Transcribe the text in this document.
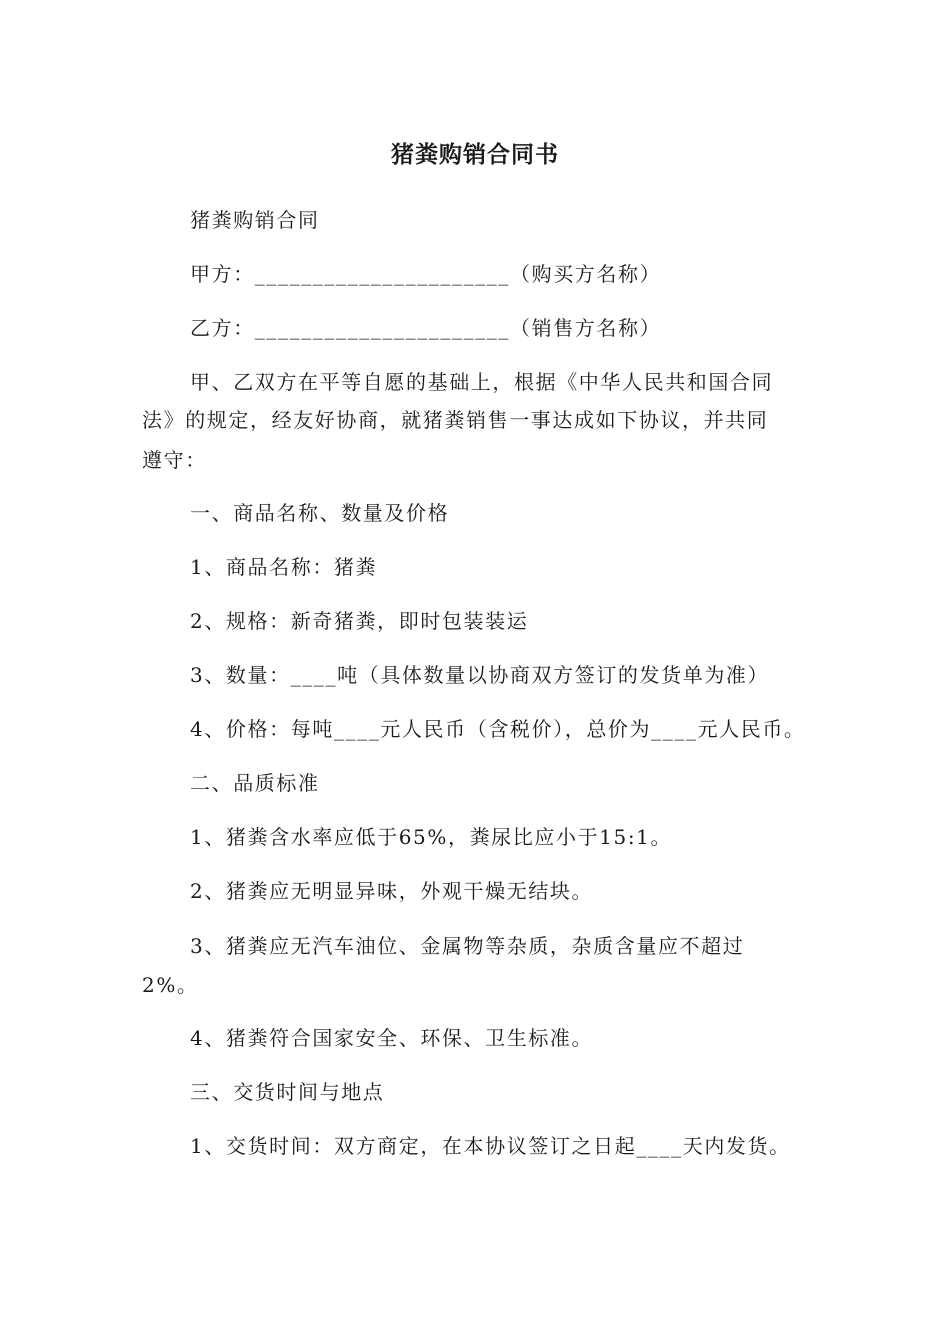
猪粪购销合同书
猪粪购销合同
甲方：______________________（购买方名称）
乙方：______________________（销售方名称）
甲、乙双方在平等自愿的基础上，根据《中华人民共和国合同
法》的规定，经友好协商，就猪粪销售一事达成如下协议，并共同
遵守：
一、商品名称、数量及价格
1、商品名称：猪粪
2、规格：新奇猪粪，即时包装装运
3、数量：____吨（具体数量以协商双方签订的发货单为准）
4、价格：每吨____元人民币（含税价），总价为____元人民币。
二、品质标准
1、猪粪含水率应低于65%，粪尿比应小于15:1。
2、猪粪应无明显异味，外观干燥无结块。
3、猪粪应无汽车油位、金属物等杂质，杂质含量应不超过
2%。
4、猪粪符合国家安全、环保、卫生标准。
三、交货时间与地点
1、交货时间：双方商定，在本协议签订之日起____天内发货。
